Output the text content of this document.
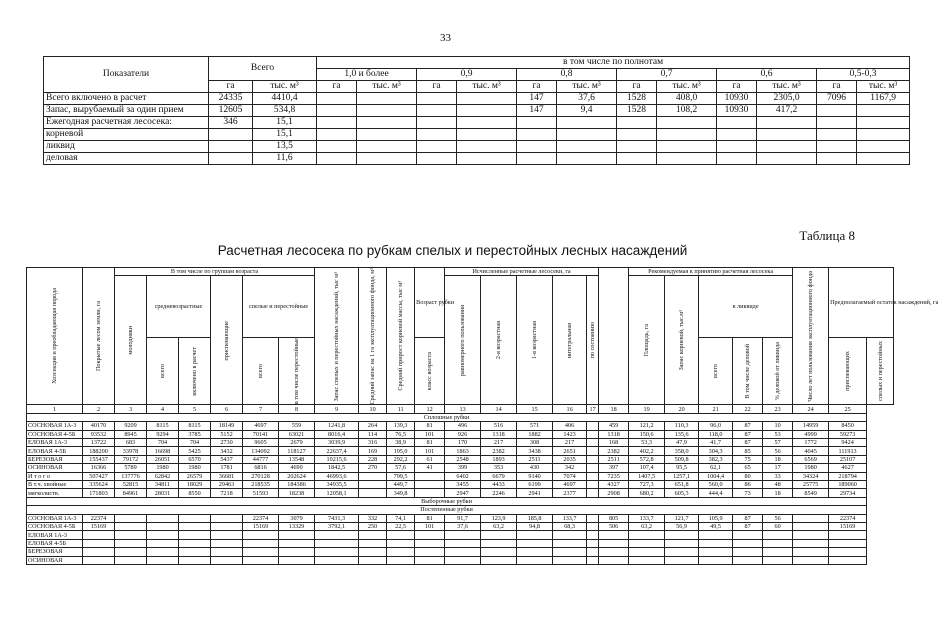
33
Показатели	Всего		в том числе по полнотам											
			1,0 и более		0,9		0,8		0,7		0,6		0,5-0,3	
	га	тыс. м³	га	тыс. м³	га	тыс. м³	га	тыс. м³	га	тыс. м³	га	тыс. м³	га	тыс. м³
Всего включено в расчет	24335	4410,4					147	37,6	1528	408,0	10930	2305,0	7096	1167,9
Запас, вырубаемый за один прием	12605	534,8					147	9,4	1528	108,2	10930	417,2		
Ежегодная расчетная лесосека:	346	15,1												
корневой		15,1												
ликвид		13,5												
деловая		11,6												
Таблица 8
Расчетная лесосека по рубкам спелых и перестойных лесных насаждений
Хозсекция и преобладающая порода	Покрытые лесом земли, га	В том числе по группам возраста						Запас спелых и перестойных насаждений, тыс м³	Средний запас на 1 га эксплуатационного фонда, м³	Средний прирост корневой массы, тыс м³	Возраст рубки	Исчисленные расчетные лесосеки, га						Рекомендуемая к принятию расчетная лесосека					Число лет пользования эксплуатационного фонда	Предполагаемый остаток насаждений, га	

		молодняки	средневозрастные		приспевающие	спелые и перестойные						равномерного пользования	2-я возрастная	1-я возрастная	интегральная	по состоянию		Площадь, га	Запас корневой, тыс.м³	в ликвиде					

			всего	включено в расчет		всего	в том числе перестойные				класс возраста									всего	В том числе деловой	% деловой от ликвида		приспевающих	спелых и перестойных

1	2	3	4	5	6	7	8	9	10	11	12	13	14	15	16	17	18	19	20	21	22	23	24	25	
Сплошные рубки																									
СОСНОВАЯ 1А-3	40170	9209	8115	8115	18149	4697	559	1241,8	264	139,3	81	496	516	571	406		459	121,2	110,3	96,0	87	10	14959	8450	
СОСНОВАЯ 4-5Б	93532	8945	9294	3785	5152	70141	63021	8016,4	114	76,5	101	926	1318	1882	1423		1318	150,6	135,6	118,0	87	53	4999	59273	
ЕЛОВАЯ 1А-3	13722	683	704	704	2730	9605	2679	3039,9	316	38,9	81	170	217	308	217		168	53,3	47,9	41,7	87	57	1772	9424	
ЕЛОВАЯ 4-5Б	188200	33978	16698	5425	3432	134092	118127	22637,4	169	195,0	101	1863	2382	3438	2651		2382	402,2	358,0	304,3	85	56	4045	111913	
БЕРЕЗОВАЯ	155437	79172	26051	6570	5437	44777	13548	10215,6	228	292,2	61	2548	1893	2511	2035		2511	572,8	509,8	382,3	75	18	6569	25107	
ОСИНОВАЯ	16366	5789	1980	1980	1781	6816	4690	1842,5	270	57,6	41	399	353	430	342		397	107,4	95,5	62,1	65	17	1980	4627	
И т о г о	507427	137776	62842	26579	36681	270128	202624	46993,6		799,5		6402	6679	9140	7074		7235	1407,5	1257,1	1004,4	80	33	34324	218794	
В т.ч. хвойные	335624	52815	34811	18029	29463	218535	184386	34935,5		449,7		3455	4433	6199	4697		4327	727,3	651,8	560,0	86	48	25775	189060	
мягколиств.	171803	84961	28031	8550	7218	51593	18238	12058,1		349,8		2947	2246	2941	2377		2908	680,2	605,3	444,4	73	18	8549	29734	
Выборочные рубки																									
Постепенные рубки																									
СОСНОВАЯ 1А-3	22374					22374	3079	7431,3	332	74,1	81	91,7	123,9	185,8	133,7		805	133,7	121,7	105,9	87	56		22374	
СОСНОВАЯ 4-5Б	15169					15169	13329	3792,1	250	22,5	101	37,6	63,2	94,8	68,3		506	63,2	56,9	49,5	87	60		15169	
ЕЛОВАЯ 1А-3																									
ЕЛОВАЯ 4-5Б																									
БЕРЕЗОВАЯ																									
ОСИНОВАЯ																									
